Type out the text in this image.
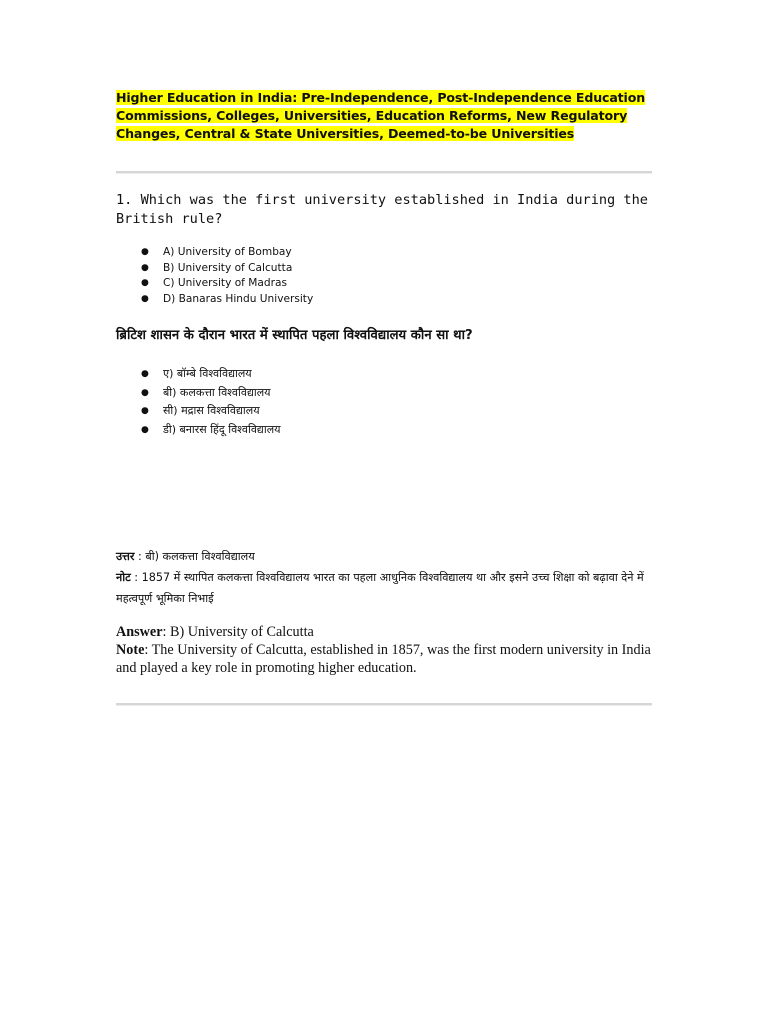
Higher Education in India: Pre-Independence, Post-Independence Education Commissions, Colleges, Universities, Education Reforms, New Regulatory Changes, Central & State Universities, Deemed-to-be Universities
1. Which was the first university established in India during the British rule?
● A) University of Bombay
● B) University of Calcutta
● C) University of Madras
● D) Banaras Hindu University
ब्रिटिश शासन के दौरान भारत में स्थापित पहला विश्वविद्यालय कौन सा था?
● ए) बॉम्बे विश्वविद्यालय
● बी) कलकत्ता विश्वविद्यालय
● सी) मद्रास विश्वविद्यालय
● डी) बनारस हिंदू विश्वविद्यालय
उत्तर : बी) कलकत्ता विश्वविद्यालय
नोट : 1857 में स्थापित कलकत्ता विश्वविद्यालय भारत का पहला आधुनिक विश्वविद्यालय था और इसने उच्च शिक्षा को बढ़ावा देने में महत्वपूर्ण भूमिका निभाई
Answer: B) University of Calcutta
Note: The University of Calcutta, established in 1857, was the first modern university in India and played a key role in promoting higher education.
